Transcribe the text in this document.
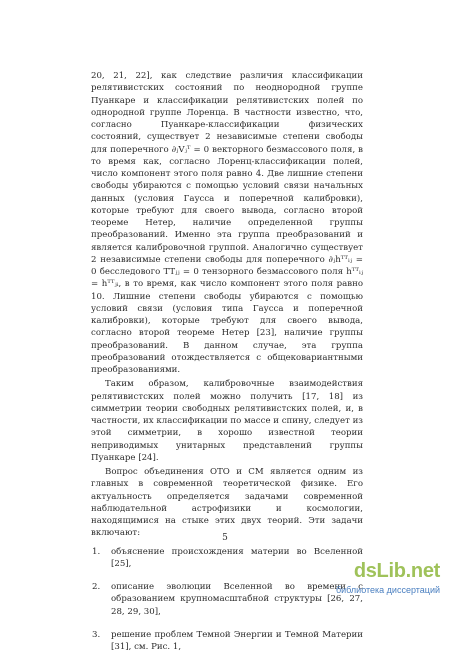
20, 21, 22], как следствие различия классификации релятивистских состояний по неоднородной группе Пуанкаре и классификации релятивистских полей по однородной группе Лоренца. В частности известно, что, согласно Пуанкаре-классификации физических состояний, существует 2 независимые степени свободы для поперечного ∂ⱼVⱼᵀ = 0 векторного безмассового поля, в то время как, согласно Лоренц-классификации полей, число компонент этого поля равно 4. Две лишние степени свободы убираются с помощью условий связи начальных данных (условия Гаусса и поперечной калибровки), которые требуют для своего вывода, согласно второй теореме Нетер, наличие определенной группы преобразований. Именно эта группа преобразований и является калибровочной группой. Аналогично существует 2 независимые степени свободы для поперечного ∂ⱼhᵀᵀᵢⱼ = 0 бесследового TTⱼⱼ = 0 тензорного безмассового поля hᵀᵀᵢⱼ = hᵀᵀⱼᵢ, в то время, как число компонент этого поля равно 10. Лишние степени свободы убираются с помощью условий связи (условия типа Гаусса и поперечной калибровки), которые требуют для своего вывода, согласно второй теореме Нетер [23], наличие группы преобразований. В данном случае, эта группа преобразований отождествляется с общековариантными преобразованиями.

Таким образом, калибровочные взаимодействия релятивистских полей можно получить [17, 18] из симметрии теории свободных релятивистских полей, и, в частности, их классификации по массе и спину, следует из этой симметрии, в хорошо известной теории неприводимых унитарных представлений группы Пуанкаре [24].

Вопрос объединения ОТО и СМ является одним из главных в современной теоретической физике. Его актуальность определяется задачами современной наблюдательной астрофизики и космологии, находящимися на стыке этих двух теорий. Эти задачи включают:

1. объяснение происхождения материи во Вселенной [25],
2. описание эволюции Вселенной во времени с образованием крупномасштабной структуры [26, 27, 28, 29, 30],
3. решение проблем Темной Энергии и Темной Материи [31], см. Рис. 1,
5
dsLib.net
библиотека диссертаций
